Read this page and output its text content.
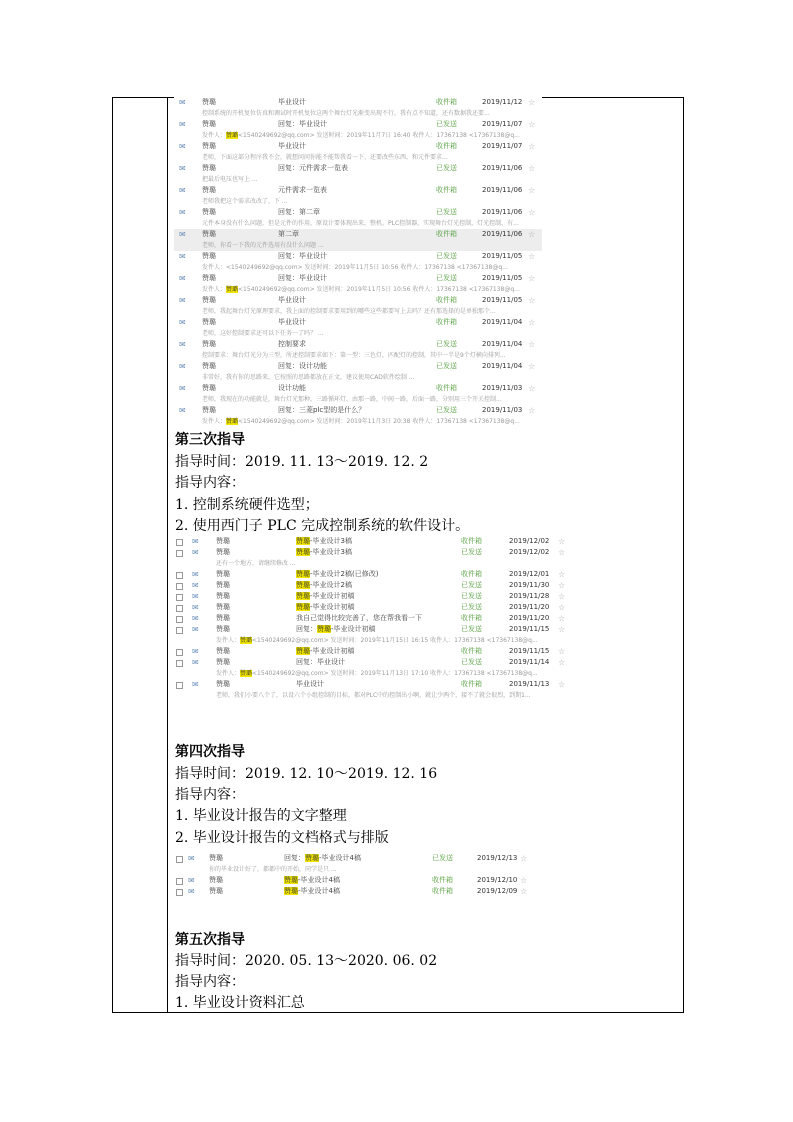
✉ 赞璐	毕业设计	收件箱	2019/11/12 ☆
控制系统的开机复位仿真和调试时开机复位这两个舞台灯光渐变出现不行，我有点不知道，还有数据我还要...
✉ 赞璐	回复：毕业设计	已发送	2019/11/07 ☆
发件人：赞璐<1540249692@qq.com> 发送时间：2019年11月7日 16:40 收件人：17367138 <17367138@q...
✉ 赞璐	毕业设计	收件箱	2019/11/07 ☆
老师，下面这部分程序我不会，就想问问你能不能帮我看一下，还要改些东西，和元件要求...
✉ 赞璐	回复：元件需求一览表	已发送	2019/11/06 ☆
把最后电压也写上 ...
✉ 赞璐	元件需求一览表	收件箱	2019/11/06 ☆
老师我把这个需求改改了，下 ...
✉ 赞璐	回复：第二章	已发送	2019/11/06 ☆
元件本身没有什么问题，但是元件的作用，原设计要体现出来，整机，PLC控制器，实现舞台灯光控制，灯光控制，有...
✉ 赞璐	第二章	收件箱	2019/11/06 ☆
老师，你看一下我的元件选用有没什么问题 ...
✉ 赞璐	回复：毕业设计	已发送	2019/11/05 ☆
发件人：<1540249692@qq.com> 发送时间：2019年11月5日 10:56 收件人：17367138 <17367138@q...
✉ 赞璐	回复：毕业设计	已发送	2019/11/05 ☆
发件人：赞璐<1540249692@qq.com> 发送时间：2019年11月5日 10:56 收件人：17367138 <17367138@q...
✉ 赞璐	毕业设计	收件箱	2019/11/05 ☆
老师，我起舞台灯光原理要求，我上面的控制要求要用到的哪些这些都要写上去吗？还有那选择的是单独那个...
✉ 赞璐	毕业设计	收件箱	2019/11/04 ☆
老师，这好控制要求还可以下任务一了吗？ ...
✉ 赞璐	控制要求	已发送	2019/11/04 ☆
控制要求：舞台灯光分为三型，所述控制要求如下：第一型：三色灯，匹配灯的控制，其中一半是9个灯横向排列...
✉ 赞璐	回复：设计功能	已发送	2019/11/04 ☆
非常好，我有你的思路来，它按照的思路都放在正文，建议使用CAD软件绘制 ...
✉ 赞璐	设计功能	收件箱	2019/11/03 ☆
老师，我现在的功能就是，舞台灯光那种，三路循环灯，由那一路，中间一路，后面一路，分别用三个开关控制...
✉ 赞璐	回复：三菱plc型的是什么？	已发送	2019/11/03 ☆
发件人：赞璐<1540249692@qq.com> 发送时间：2019年11月3日 20:38 收件人：17367138 <17367138@q...
第三次指导
指导时间：2019. 11. 13～2019. 12. 2
指导内容：
1. 控制系统硬件选型；
2. 使用西门子 PLC 完成控制系统的软件设计。
✉ 赞璐	赞璐-毕业设计3稿	收件箱	2019/12/02 ☆
✉ 赞璐	赞璐-毕业设计3稿	已发送	2019/12/02 ☆
还有一个地方，请继续修改 ...
✉ 赞璐	赞璐-毕业设计2稿(已修改)	收件箱	2019/12/01 ☆
✉ 赞璐	赞璐-毕业设计2稿	已发送	2019/11/30 ☆
✉ 赞璐	赞璐-毕业设计初稿	已发送	2019/11/28 ☆
✉ 赞璐	赞璐-毕业设计初稿	已发送	2019/11/20 ☆
✉ 赞璐	我自己觉得比较完善了，您在帮我看一下	收件箱	2019/11/20 ☆
✉ 赞璐	回复：赞璐-毕业设计初稿	已发送	2019/11/15 ☆
发件人：赞璐<1540249692@qq.com> 发送时间：2019年11月15日 16:15 收件人：17367138 <17367138@q...
✉ 赞璐	赞璐-毕业设计初稿	收件箱	2019/11/15 ☆
✉ 赞璐	回复：毕业设计	已发送	2019/11/14 ☆
发件人：赞璐<1540249692@qq.com> 发送时间：2019年11月13日 17:10 收件人：17367138 <17367138@q...
✉ 赞璐	毕业设计	收件箱	2019/11/13 ☆
老师，我们小要八个了，以设六个小组控制的目标，都对PLC中的控制出小啊，就让少两个，接不了就会很烈，到期1...
第四次指导
指导时间：2019. 12. 10～2019. 12. 16
指导内容：
1. 毕业设计报告的文字整理
2. 毕业设计报告的文档格式与排版
✉ 赞璐	回复：赞璐-毕业设计4稿	已发送	2019/12/13 ☆
你的毕业设计好了，都都中的开始，同学是只 ...
✉ 赞璐	赞璐-毕业设计4稿	收件箱	2019/12/10 ☆
✉ 赞璐	赞璐-毕业设计4稿	收件箱	2019/12/09 ☆
第五次指导
指导时间：2020. 05. 13～2020. 06. 02
指导内容：
1. 毕业设计资料汇总
